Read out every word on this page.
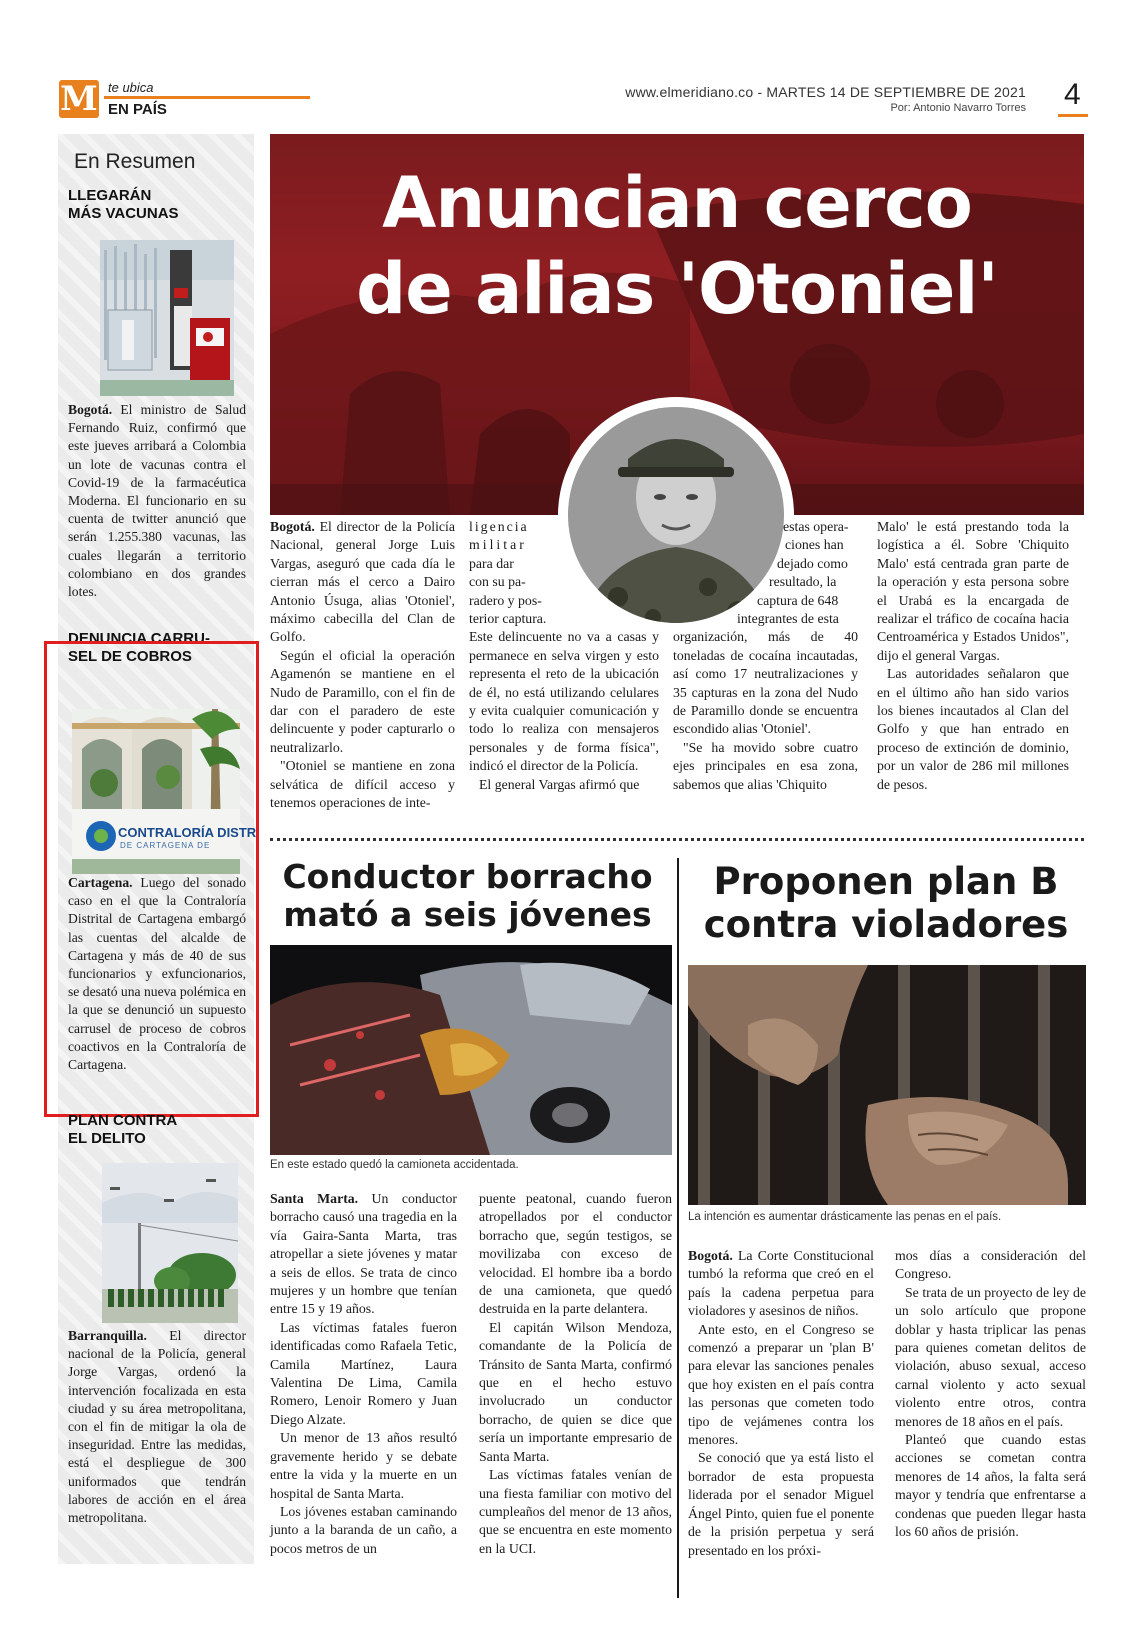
M te ubica
EN PAÍS
www.elmeridiano.co - MARTES 14 DE SEPTIEMBRE DE 2021
Por: Antonio Navarro Torres 4
En Resumen
LLEGARÁN
MÁS VACUNAS
Bogotá. El ministro de Salud Fernando Ruiz, confirmó que este jueves arribará a Colombia un lote de vacunas contra el Covid-19 de la farmacéutica Moderna. El funcionario en su cuenta de twitter anunció que serán 1.255.380 vacunas, las cuales llegarán a territorio colombiano en dos grandes lotes.
DENUNCIA CARRU-
SEL DE COBROS
CONTRALORÍA DISTRI
DE CARTAGENA DE
Cartagena. Luego del sonado caso en el que la Contraloría Distrital de Cartagena embargó las cuentas del alcalde de Cartagena y más de 40 de sus funcionarios y exfuncionarios, se desató una nueva polémica en la que se denunció un supuesto carrusel de proceso de cobros coactivos en la Contraloría de Cartagena.
PLAN CONTRA
EL DELITO
Barranquilla. El director nacional de la Policía, general Jorge Vargas, ordenó la intervención focalizada en esta ciudad y su área metropolitana, con el fin de mitigar la ola de inseguridad. Entre las medidas, está el despliegue de 300 uniformados que tendrán labores de acción en el área metropolitana.
Anuncian cerco
de alias 'Otoniel'

Bogotá. El director de la Policía Nacional, general Jorge Luis Vargas, aseguró que cada día le cierran más el cerco a Dairo Antonio Úsuga, alias 'Otoniel', máximo cabecilla del Clan de Golfo.

Según el oficial la operación Agamenón se mantiene en el Nudo de Paramillo, con el fin de dar con el paradero de este delincuente y poder capturarlo o neutralizarlo.

"Otoniel se mantiene en zona selvática de difícil acceso y tenemos operaciones de inte-

ligencia
militar
para dar
con su pa-
radero y pos-
terior captura.

Este delincuente no va a casas y permanece en selva virgen y esto representa el reto de la ubicación de él, no está utilizando celulares y evita cualquier comunicación y todo lo realiza con mensajeros personales y de forma física", indicó el director de la Policía.

El general Vargas afirmó que

estas opera-
ciones han
dejado como
resultado, la
captura de 648
integrantes de esta

organización, más de 40 toneladas de cocaína incautadas, así como 17 neutralizaciones y 35 capturas en la zona del Nudo de Paramillo donde se encuentra escondido alias 'Otoniel'.

"Se ha movido sobre cuatro ejes principales en esa zona, sabemos que alias 'Chiquito

Malo' le está prestando toda la logística a él. Sobre 'Chiquito Malo' está centrada gran parte de la operación y esta persona sobre el Urabá es la encargada de realizar el tráfico de cocaína hacia Centroamérica y Estados Unidos", dijo el general Vargas.

Las autoridades señalaron que en el último año han sido varios los bienes incautados al Clan del Golfo y que han entrado en proceso de extinción de dominio, por un valor de 286 mil millones de pesos.

Conductor borracho
mató a seis jóvenes
En este estado quedó la camioneta accidentada.

Santa Marta. Un conductor borracho causó una tragedia en la vía Gaira-Santa Marta, tras atropellar a siete jóvenes y matar a seis de ellos. Se trata de cinco mujeres y un hombre que tenían entre 15 y 19 años.

Las víctimas fatales fueron identificadas como Rafaela Tetic, Camila Martínez, Laura Valentina De Lima, Camila Romero, Lenoir Romero y Juan Diego Alzate.

Un menor de 13 años resultó gravemente herido y se debate entre la vida y la muerte en un hospital de Santa Marta.

Los jóvenes estaban caminando junto a la baranda de un caño, a pocos metros de un

puente peatonal, cuando fueron atropellados por el conductor borracho que, según testigos, se movilizaba con exceso de velocidad. El hombre iba a bordo de una camioneta, que quedó destruida en la parte delantera.

El capitán Wilson Mendoza, comandante de la Policía de Tránsito de Santa Marta, confirmó que en el hecho estuvo involucrado un conductor borracho, de quien se dice que sería un importante empresario de Santa Marta.

Las víctimas fatales venían de una fiesta familiar con motivo del cumpleaños del menor de 13 años, que se encuentra en este momento en la UCI.

Proponen plan B
contra violadores
La intención es aumentar drásticamente las penas en el país.

Bogotá. La Corte Constitucional tumbó la reforma que creó en el país la cadena perpetua para violadores y asesinos de niños.

Ante esto, en el Congreso se comenzó a preparar un 'plan B' para elevar las sanciones penales que hoy existen en el país contra las personas que cometen todo tipo de vejámenes contra los menores.

Se conoció que ya está listo el borrador de esta propuesta liderada por el senador Miguel Ángel Pinto, quien fue el ponente de la prisión perpetua y será presentado en los próxi-

mos días a consideración del Congreso.

Se trata de un proyecto de ley de un solo artículo que propone doblar y hasta triplicar las penas para quienes cometan delitos de violación, abuso sexual, acceso carnal violento y acto sexual violento entre otros, contra menores de 18 años en el país.

Planteó que cuando estas acciones se cometan contra menores de 14 años, la falta será mayor y tendría que enfrentarse a condenas que pueden llegar hasta los 60 años de prisión.
